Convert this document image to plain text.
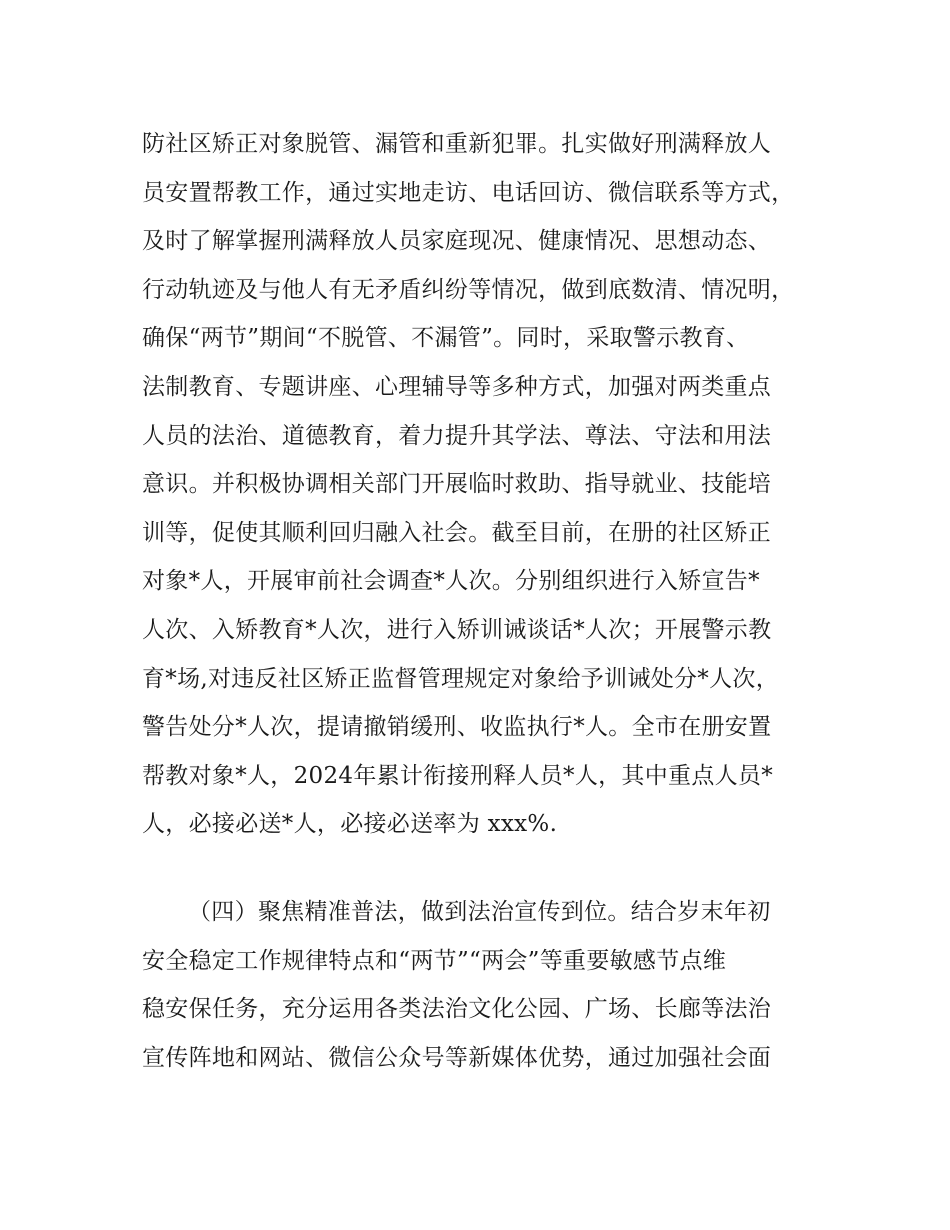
防社区矫正对象脱管、漏管和重新犯罪。扎实做好刑满释放人
员安置帮教工作，通过实地走访、电话回访、微信联系等方式，
及时了解掌握刑满释放人员家庭现况、健康情况、思想动态、
行动轨迹及与他人有无矛盾纠纷等情况，做到底数清、情况明，
确保“两节”期间“不脱管、不漏管”。同时，采取警示教育、
法制教育、专题讲座、心理辅导等多种方式，加强对两类重点
人员的法治、道德教育，着力提升其学法、尊法、守法和用法
意识。并积极协调相关部门开展临时救助、指导就业、技能培
训等，促使其顺利回归融入社会。截至目前，在册的社区矫正
对象*人，开展审前社会调查*人次。分别组织进行入矫宣告*
人次、入矫教育*人次，进行入矫训诫谈话*人次；开展警示教
育*场,对违反社区矫正监督管理规定对象给予训诫处分*人次，
警告处分*人次，提请撤销缓刑、收监执行*人。全市在册安置
帮教对象*人，2024年累计衔接刑释人员*人，其中重点人员*
人，必接必送*人，必接必送率为 xxx%.
（四）聚焦精准普法，做到法治宣传到位。结合岁末年初
安全稳定工作规律特点和“两节”“两会”等重要敏感节点维
稳安保任务，充分运用各类法治文化公园、广场、长廊等法治
宣传阵地和网站、微信公众号等新媒体优势，通过加强社会面
